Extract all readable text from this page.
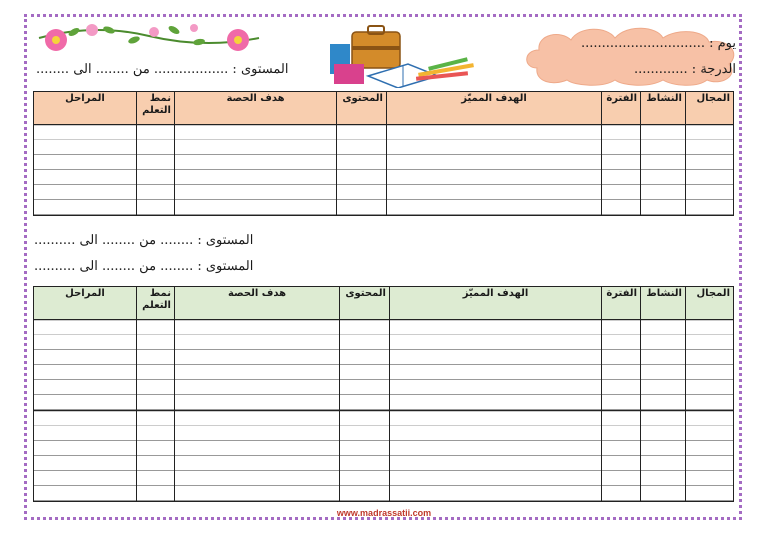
يوم : ..............................
الدرجة : .............
المستوى : .................. من ........ الى ........
المجال	النشاط	الفترة	الهدف المميّز	المحتوى	هدف الحصة	نمط التعلم	المراحل

المستوى : ........ من ........ الى ..........
المستوى : ........ من ........ الى ..........
المجال	النشاط	الفترة	الهدف المميّز	المحتوى	هدف الحصة	نمط التعلم	المراحل

www.madrassatii.com
